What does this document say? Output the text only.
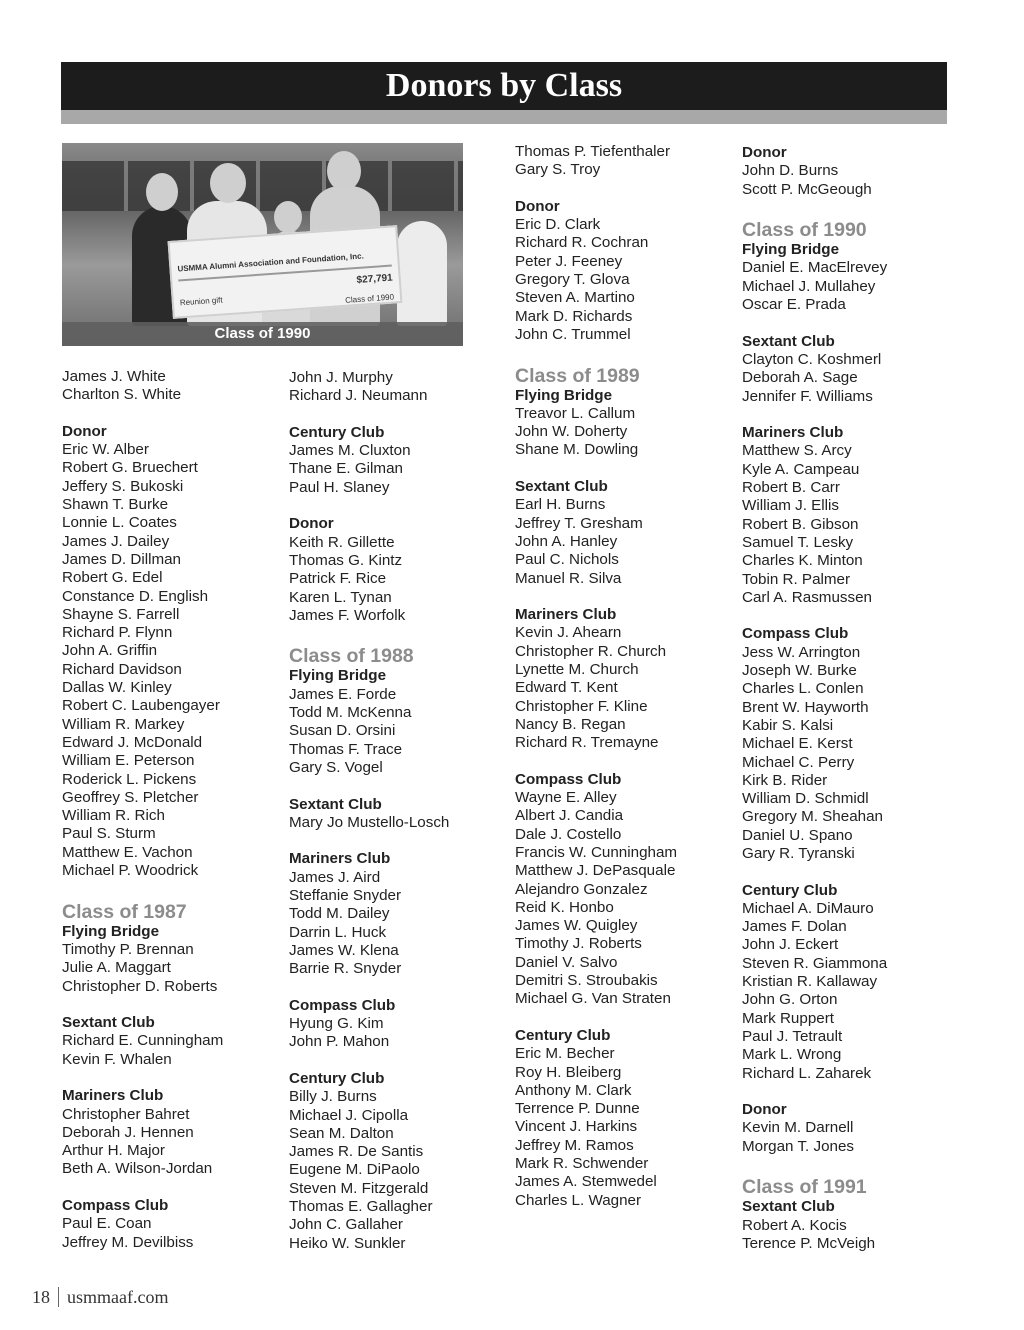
Donors by Class
USMMA Alumni Association and Foundation, Inc.
$27,791
Reunion gift	Class of 1990
Class of 1990
James J. White
Charlton S. White
Donor
Eric W. Alber
Robert G. Bruechert
Jeffery S. Bukoski
Shawn T. Burke
Lonnie L. Coates
James J. Dailey
James D. Dillman
Robert G. Edel
Constance D. English
Shayne S. Farrell
Richard P. Flynn
John A. Griffin
Richard Davidson
Dallas W. Kinley
Robert C. Laubengayer
William R. Markey
Edward J. McDonald
William E. Peterson
Roderick L. Pickens
Geoffrey S. Pletcher
William R. Rich
Paul S. Sturm
Matthew E. Vachon
Michael P. Woodrick
Class of 1987
Flying Bridge
Timothy P. Brennan
Julie A. Maggart
Christopher D. Roberts
Sextant Club
Richard E. Cunningham
Kevin F. Whalen
Mariners Club
Christopher Bahret
Deborah J. Hennen
Arthur H. Major
Beth A. Wilson-Jordan
Compass Club
Paul E. Coan
Jeffrey M. Devilbiss
John J. Murphy
Richard J. Neumann
Century Club
James M. Cluxton
Thane E. Gilman
Paul H. Slaney
Donor
Keith R. Gillette
Thomas G. Kintz
Patrick F. Rice
Karen L. Tynan
James F. Worfolk
Class of 1988
Flying Bridge
James E. Forde
Todd M. McKenna
Susan D. Orsini
Thomas F. Trace
Gary S. Vogel
Sextant Club
Mary Jo Mustello-Losch
Mariners Club
James J. Aird
Steffanie Snyder
Todd M. Dailey
Darrin L. Huck
James W. Klena
Barrie R. Snyder
Compass Club
Hyung G. Kim
John P. Mahon
Century Club
Billy J. Burns
Michael J. Cipolla
Sean M. Dalton
James R. De Santis
Eugene M. DiPaolo
Steven M. Fitzgerald
Thomas E. Gallagher
John C. Gallaher
Heiko W. Sunkler
Thomas P. Tiefenthaler
Gary S. Troy
Donor
Eric D. Clark
Richard R. Cochran
Peter J. Feeney
Gregory T. Glova
Steven A. Martino
Mark D. Richards
John C. Trummel
Class of 1989
Flying Bridge
Treavor L. Callum
John W. Doherty
Shane M. Dowling
Sextant Club
Earl H. Burns
Jeffrey T. Gresham
John A. Hanley
Paul C. Nichols
Manuel R. Silva
Mariners Club
Kevin J. Ahearn
Christopher R. Church
Lynette M. Church
Edward T. Kent
Christopher F. Kline
Nancy B. Regan
Richard R. Tremayne
Compass Club
Wayne E. Alley
Albert J. Candia
Dale J. Costello
Francis W. Cunningham
Matthew J. DePasquale
Alejandro Gonzalez
Reid K. Honbo
James W. Quigley
Timothy J. Roberts
Daniel V. Salvo
Demitri S. Stroubakis
Michael G. Van Straten
Century Club
Eric M. Becher
Roy H. Bleiberg
Anthony M. Clark
Terrence P. Dunne
Vincent J. Harkins
Jeffrey M. Ramos
Mark R. Schwender
James A. Stemwedel
Charles L. Wagner
Donor
John D. Burns
Scott P. McGeough
Class of 1990
Flying Bridge
Daniel E. MacElrevey
Michael J. Mullahey
Oscar E. Prada
Sextant Club
Clayton C. Koshmerl
Deborah A. Sage
Jennifer F. Williams
Mariners Club
Matthew S. Arcy
Kyle A. Campeau
Robert B. Carr
William J. Ellis
Robert B. Gibson
Samuel T. Lesky
Charles K. Minton
Tobin R. Palmer
Carl A. Rasmussen
Compass Club
Jess W. Arrington
Joseph W. Burke
Charles L. Conlen
Brent W. Hayworth
Kabir S. Kalsi
Michael E. Kerst
Michael C. Perry
Kirk B. Rider
William D. Schmidl
Gregory M. Sheahan
Daniel U. Spano
Gary R. Tyranski
Century Club
Michael A. DiMauro
James F. Dolan
John J. Eckert
Steven R. Giammona
Kristian R. Kallaway
John G. Orton
Mark Ruppert
Paul J. Tetrault
Mark L. Wrong
Richard L. Zaharek
Donor
Kevin M. Darnell
Morgan T. Jones
Class of 1991
Sextant Club
Robert A. Kocis
Terence P. McVeigh
18 usmmaaf.com
